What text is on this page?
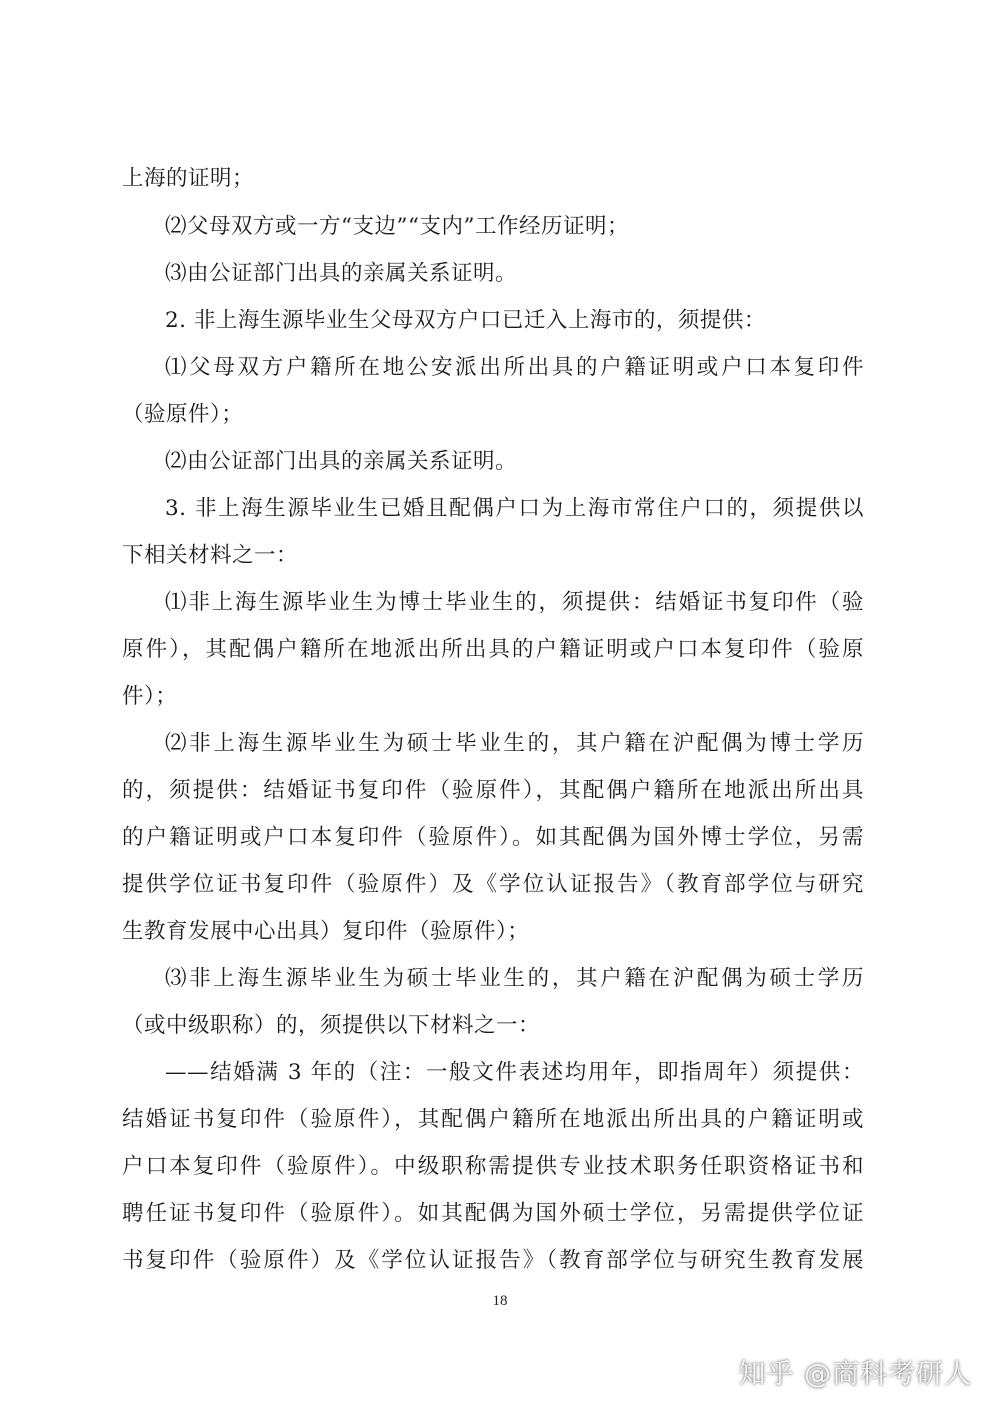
上海的证明；
⑵父母双方或一方“支边”“支内”工作经历证明；
⑶由公证部门出具的亲属关系证明。
2. 非上海生源毕业生父母双方户口已迁入上海市的，须提供：
⑴父母双方户籍所在地公安派出所出具的户籍证明或户口本复印件
（验原件）；
⑵由公证部门出具的亲属关系证明。
3. 非上海生源毕业生已婚且配偶户口为上海市常住户口的，须提供以
下相关材料之一：
⑴非上海生源毕业生为博士毕业生的，须提供：结婚证书复印件（验
原件），其配偶户籍所在地派出所出具的户籍证明或户口本复印件（验原
件）；
⑵非上海生源毕业生为硕士毕业生的，其户籍在沪配偶为博士学历
的，须提供：结婚证书复印件（验原件），其配偶户籍所在地派出所出具
的户籍证明或户口本复印件（验原件）。如其配偶为国外博士学位，另需
提供学位证书复印件（验原件）及《学位认证报告》（教育部学位与研究
生教育发展中心出具）复印件（验原件）；
⑶非上海生源毕业生为硕士毕业生的，其户籍在沪配偶为硕士学历
（或中级职称）的，须提供以下材料之一：
——结婚满 3 年的（注：一般文件表述均用年，即指周年）须提供：
结婚证书复印件（验原件），其配偶户籍所在地派出所出具的户籍证明或
户口本复印件（验原件）。中级职称需提供专业技术职务任职资格证书和
聘任证书复印件（验原件）。如其配偶为国外硕士学位，另需提供学位证
书复印件（验原件）及《学位认证报告》（教育部学位与研究生教育发展
18
知乎 @商科考研人
